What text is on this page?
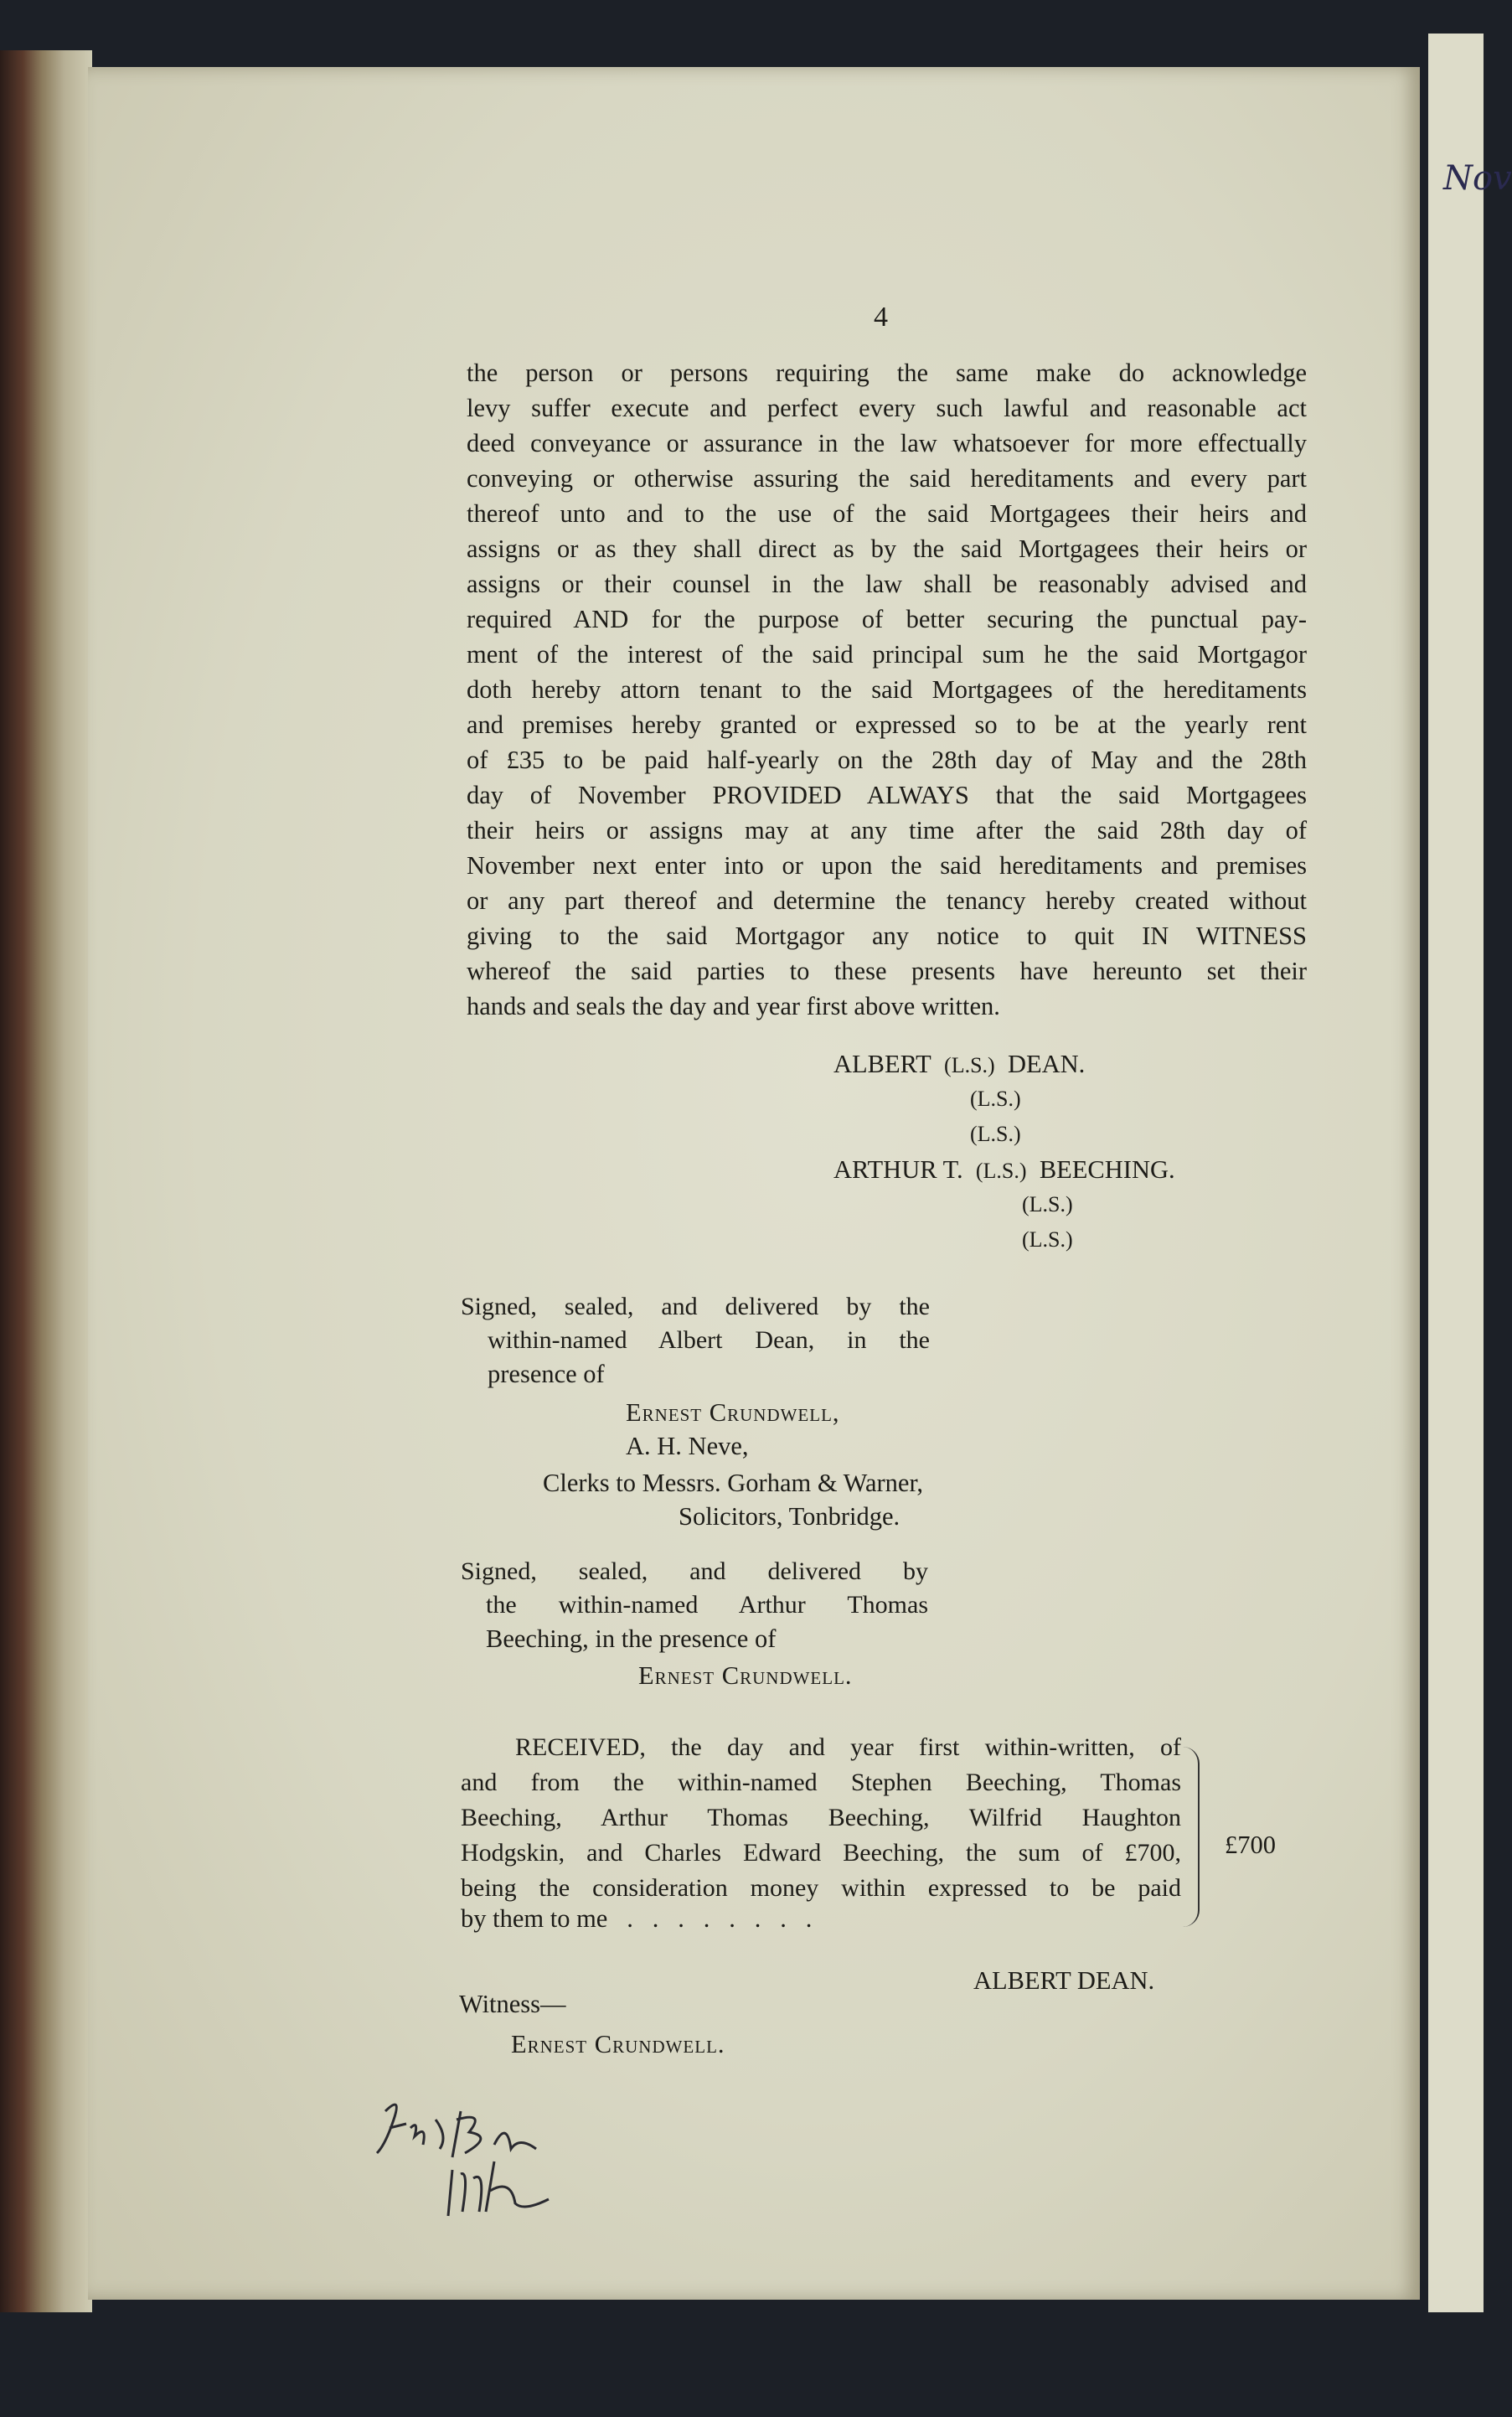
Nov
4
the person or persons requiring the same make do acknowledge
levy suffer execute and perfect every such lawful and reasonable act
deed conveyance or assurance in the law whatsoever for more effectually
conveying or otherwise assuring the said hereditaments and every part
thereof unto and to the use of the said Mortgagees their heirs and
assigns or as they shall direct as by the said Mortgagees their heirs or
assigns or their counsel in the law shall be reasonably advised and
required AND for the purpose of better securing the punctual pay-
ment of the interest of the said principal sum he the said Mortgagor
doth hereby attorn tenant to the said Mortgagees of the hereditaments
and premises hereby granted or expressed so to be at the yearly rent
of £35 to be paid half-yearly on the 28th day of May and the 28th
day of November PROVIDED ALWAYS that the said Mortgagees
their heirs or assigns may at any time after the said 28th day of
November next enter into or upon the said hereditaments and premises
or any part thereof and determine the tenancy hereby created without
giving to the said Mortgagor any notice to quit IN WITNESS
whereof the said parties to these presents have hereunto set their
hands and seals the day and year first above written.
ALBERT (L.S.) DEAN.
(L.S.)
(L.S.)
ARTHUR T. (L.S.) BEECHING.
(L.S.)
(L.S.)
Signed, sealed, and delivered by the
within-named Albert Dean, in the
presence of
Ernest Crundwell,
A. H. Neve,
Clerks to Messrs. Gorham & Warner,
Solicitors, Tonbridge.
Signed, sealed, and delivered by
the within-named Arthur Thomas
Beeching, in the presence of
Ernest Crundwell.
RECEIVED, the day and year first within-written, of
and from the within-named Stephen Beeching, Thomas
Beeching, Arthur Thomas Beeching, Wilfrid Haughton
Hodgskin, and Charles Edward Beeching, the sum of £700,
being the consideration money within expressed to be paid
by them to me   .   .   .   .   .   .   .   .
£700
ALBERT DEAN.
Witness—
Ernest Crundwell.
